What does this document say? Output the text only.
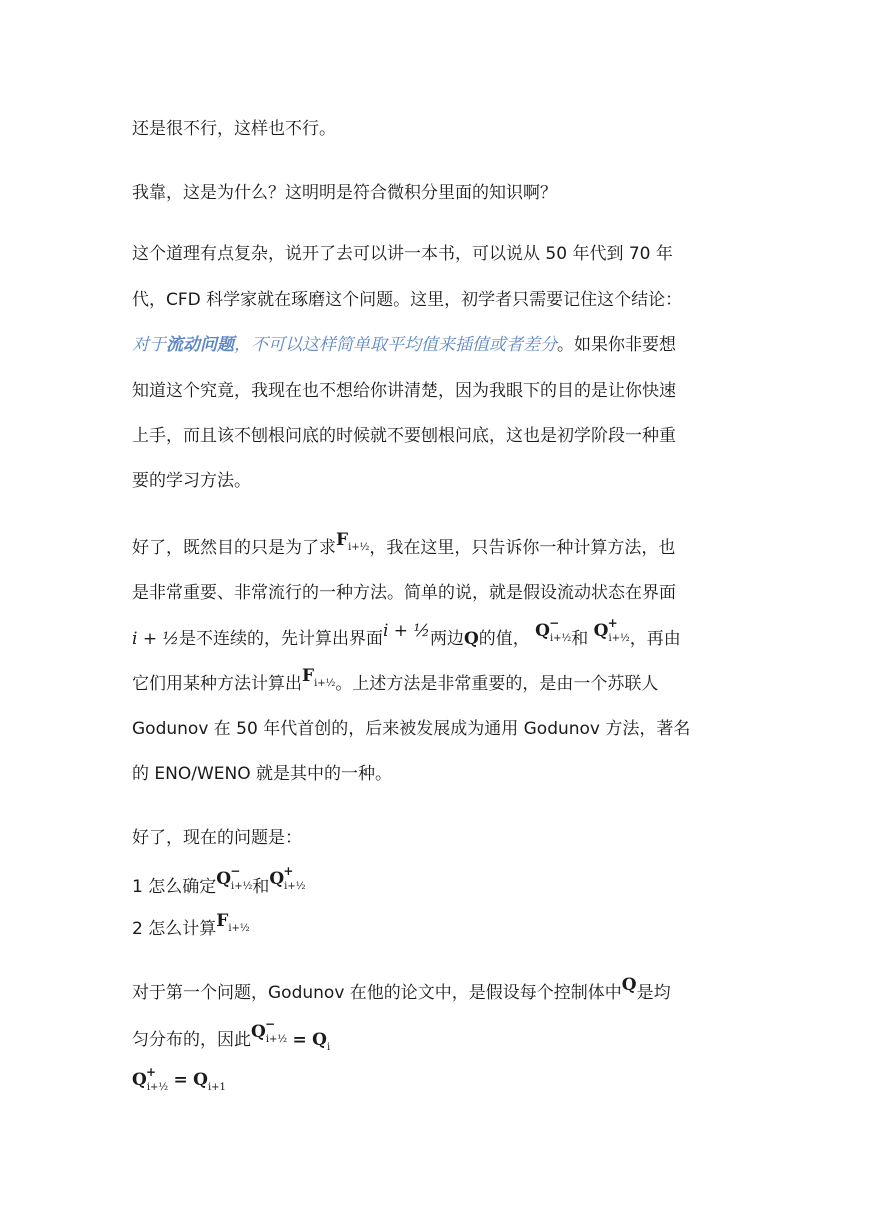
还是很不行，这样也不行。
我靠，这是为什么？这明明是符合微积分里面的知识啊？
这个道理有点复杂，说开了去可以讲一本书，可以说从 50 年代到 70 年
代，CFD 科学家就在琢磨这个问题。这里，初学者只需要记住这个结论：
对于流动问题，不可以这样简单取平均值来插值或者差分。如果你非要想
知道这个究竟，我现在也不想给你讲清楚，因为我眼下的目的是让你快速
上手，而且该不刨根问底的时候就不要刨根问底，这也是初学阶段一种重
要的学习方法。
好了，既然目的只是为了求$F_{i+\frac{1}{2}}$，我在这里，只告诉你一种计算方法，也
是非常重要、非常流行的一种方法。简单的说，就是假设流动状态在界面
i + ½是不连续的，先计算出界面i + ½两边Q的值， Q −
$_{i+\frac{1}{2}}$和 Q +
$_{i+\frac{1}{2}}$，再由
它们用某种方法计算出$F_{i+\frac{1}{2}}$。上述方法是非常重要的，是由一个苏联人
Godunov 在 50 年代首创的，后来被发展成为通用 Godunov 方法，著名
的 ENO/WENO 就是其中的一种。
好了，现在的问题是：
1 怎么确定Q −
$_{i+\frac{1}{2}}$和Q +
$_{i+\frac{1}{2}}$
2 怎么计算$F_{i+\frac{1}{2}}$
对于第一个问题，Godunov 在他的论文中，是假设每个控制体中Q是均
匀分布的，因此Q −
$_{i+\frac{1}{2}} = Q_i$
Q +
$_{i+\frac{1}{2}} = Q_{i+1}$
